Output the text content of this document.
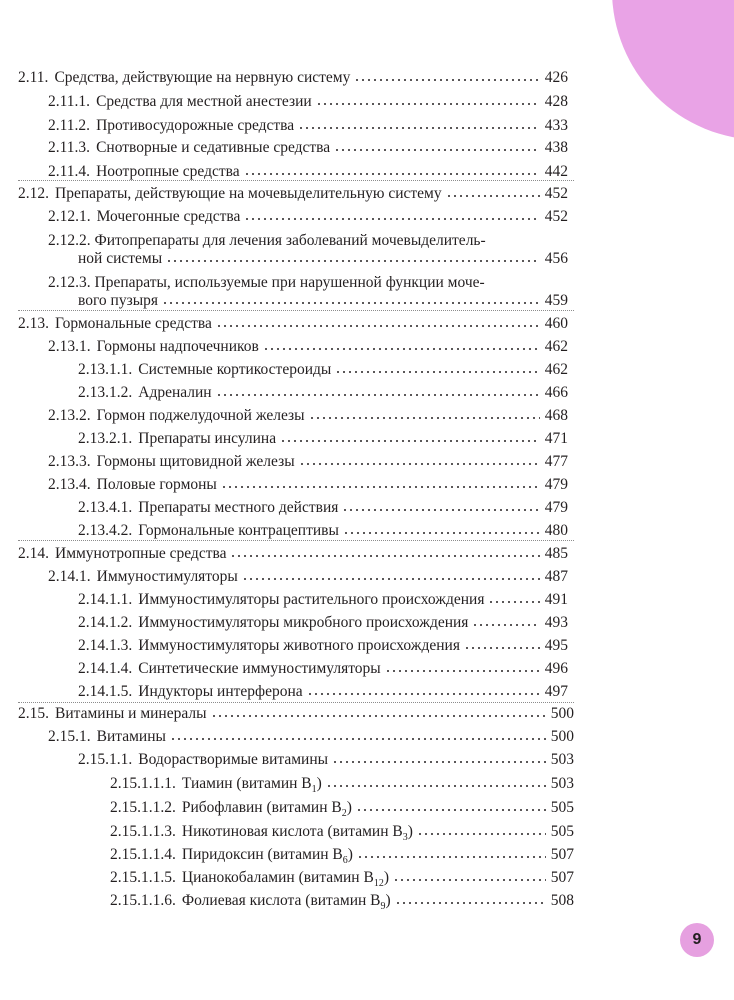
2.11. Средства, действующие на нервную систему	426
2.11.1. Средства для местной анестезии	428
2.11.2. Противосудорожные средства	433
2.11.3. Снотворные и седативные средства	438
2.11.4. Ноотропные средства	442
2.12. Препараты, действующие на мочевыделительную систему	452
2.12.1. Мочегонные средства	452
2.12.2. Фитопрепараты для лечения заболеваний мочевыделитель-
ной системы	456
2.12.3. Препараты, используемые при нарушенной функции моче-
вого пузыря	459
2.13. Гормональные средства	460
2.13.1. Гормоны надпочечников	462
2.13.1.1. Системные кортикостероиды	462
2.13.1.2. Адреналин	466
2.13.2. Гормон поджелудочной железы	468
2.13.2.1. Препараты инсулина	471
2.13.3. Гормоны щитовидной железы	477
2.13.4. Половые гормоны	479
2.13.4.1. Препараты местного действия	479
2.13.4.2. Гормональные контрацептивы	480
2.14. Иммунотропные средства	485
2.14.1. Иммуностимуляторы	487
2.14.1.1. Иммуностимуляторы растительного происхождения	491
2.14.1.2. Иммуностимуляторы микробного происхождения	493
2.14.1.3. Иммуностимуляторы животного происхождения	495
2.14.1.4. Синтетические иммуностимуляторы	496
2.14.1.5. Индукторы интерферона	497
2.15. Витамины и минералы	500
2.15.1. Витамины	500
2.15.1.1. Водорастворимые витамины	503
2.15.1.1.1. Тиамин (витамин $B_1$)	503
2.15.1.1.2. Рибофлавин (витамин $B_2$)	505
2.15.1.1.3. Никотиновая кислота (витамин $B_3$)	505
2.15.1.1.4. Пиридоксин (витамин $B_6$)	507
2.15.1.1.5. Цианокобаламин (витамин $B_{12}$)	507
2.15.1.1.6. Фолиевая кислота (витамин $B_9$)	508
9
